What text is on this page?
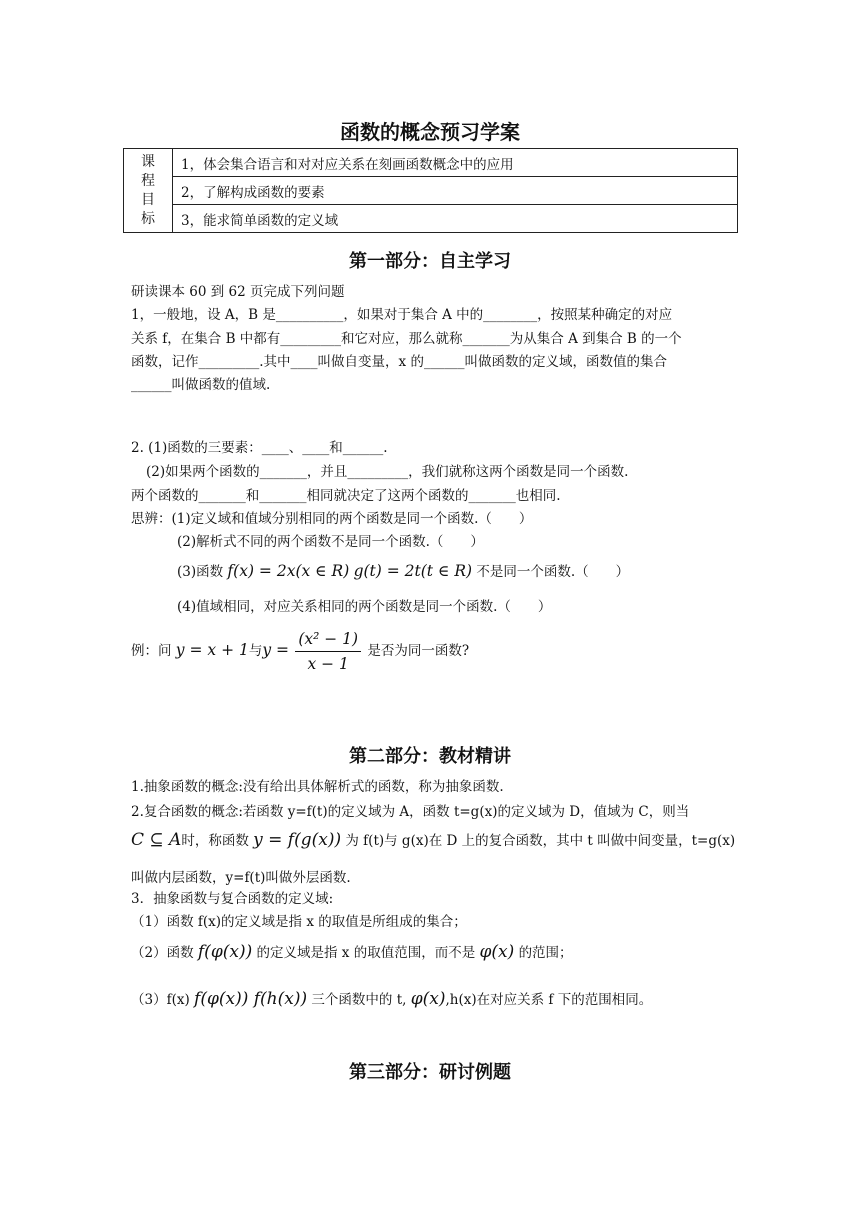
函数的概念预习学案
课程目标	1，体会集合语言和对对应关系在刻画函数概念中的应用
2，了解构成函数的要素
3，能求简单函数的定义域
第一部分：自主学习
研读课本 60 到 62 页完成下列问题
1，一般地，设 A，B 是__________，如果对于集合 A 中的________，按照某种确定的对应
关系 f，在集合 B 中都有_________和它对应，那么就称_______为从集合 A 到集合 B 的一个
函数，记作_________.其中____叫做自变量，x 的______叫做函数的定义域，函数值的集合
______叫做函数的值域.
2. (1)函数的三要素：____、____和______.
(2)如果两个函数的_______，并且_________，我们就称这两个函数是同一个函数.
两个函数的_______和_______相同就决定了这两个函数的_______也相同.
思辨：(1)定义域和值域分别相同的两个函数是同一个函数.（　　）
(2)解析式不同的两个函数不是同一个函数.（　　）
(3)函数 f(x) = 2x(x ∈ R) g(t) = 2t(t ∈ R) 不是同一个函数.（　　）
(4)值域相同，对应关系相同的两个函数是同一个函数.（　　）
例：问 y = x + 1与$y = \frac{\text{(x² − 1)}}{x - 1}$ 是否为同一函数?
第二部分：教材精讲
1.抽象函数的概念:没有给出具体解析式的函数，称为抽象函数.
2.复合函数的概念:若函数 y=f(t)的定义域为 A，函数 t=g(x)的定义域为 D，值域为 C，则当
C ⊆ A时，称函数 y = f(g(x)) 为 f(t)与 g(x)在 D 上的复合函数，其中 t 叫做中间变量，t=g(x)
叫做内层函数，y=f(t)叫做外层函数.
3．抽象函数与复合函数的定义域:
（1）函数 f(x)的定义域是指 x 的取值是所组成的集合；
（2）函数 f(φ(x)) 的定义域是指 x 的取值范围，而不是 φ(x) 的范围；
（3）f(x) f(φ(x)) f(h(x)) 三个函数中的 t, φ(x),h(x)在对应关系 f 下的范围相同。
第三部分：研讨例题
